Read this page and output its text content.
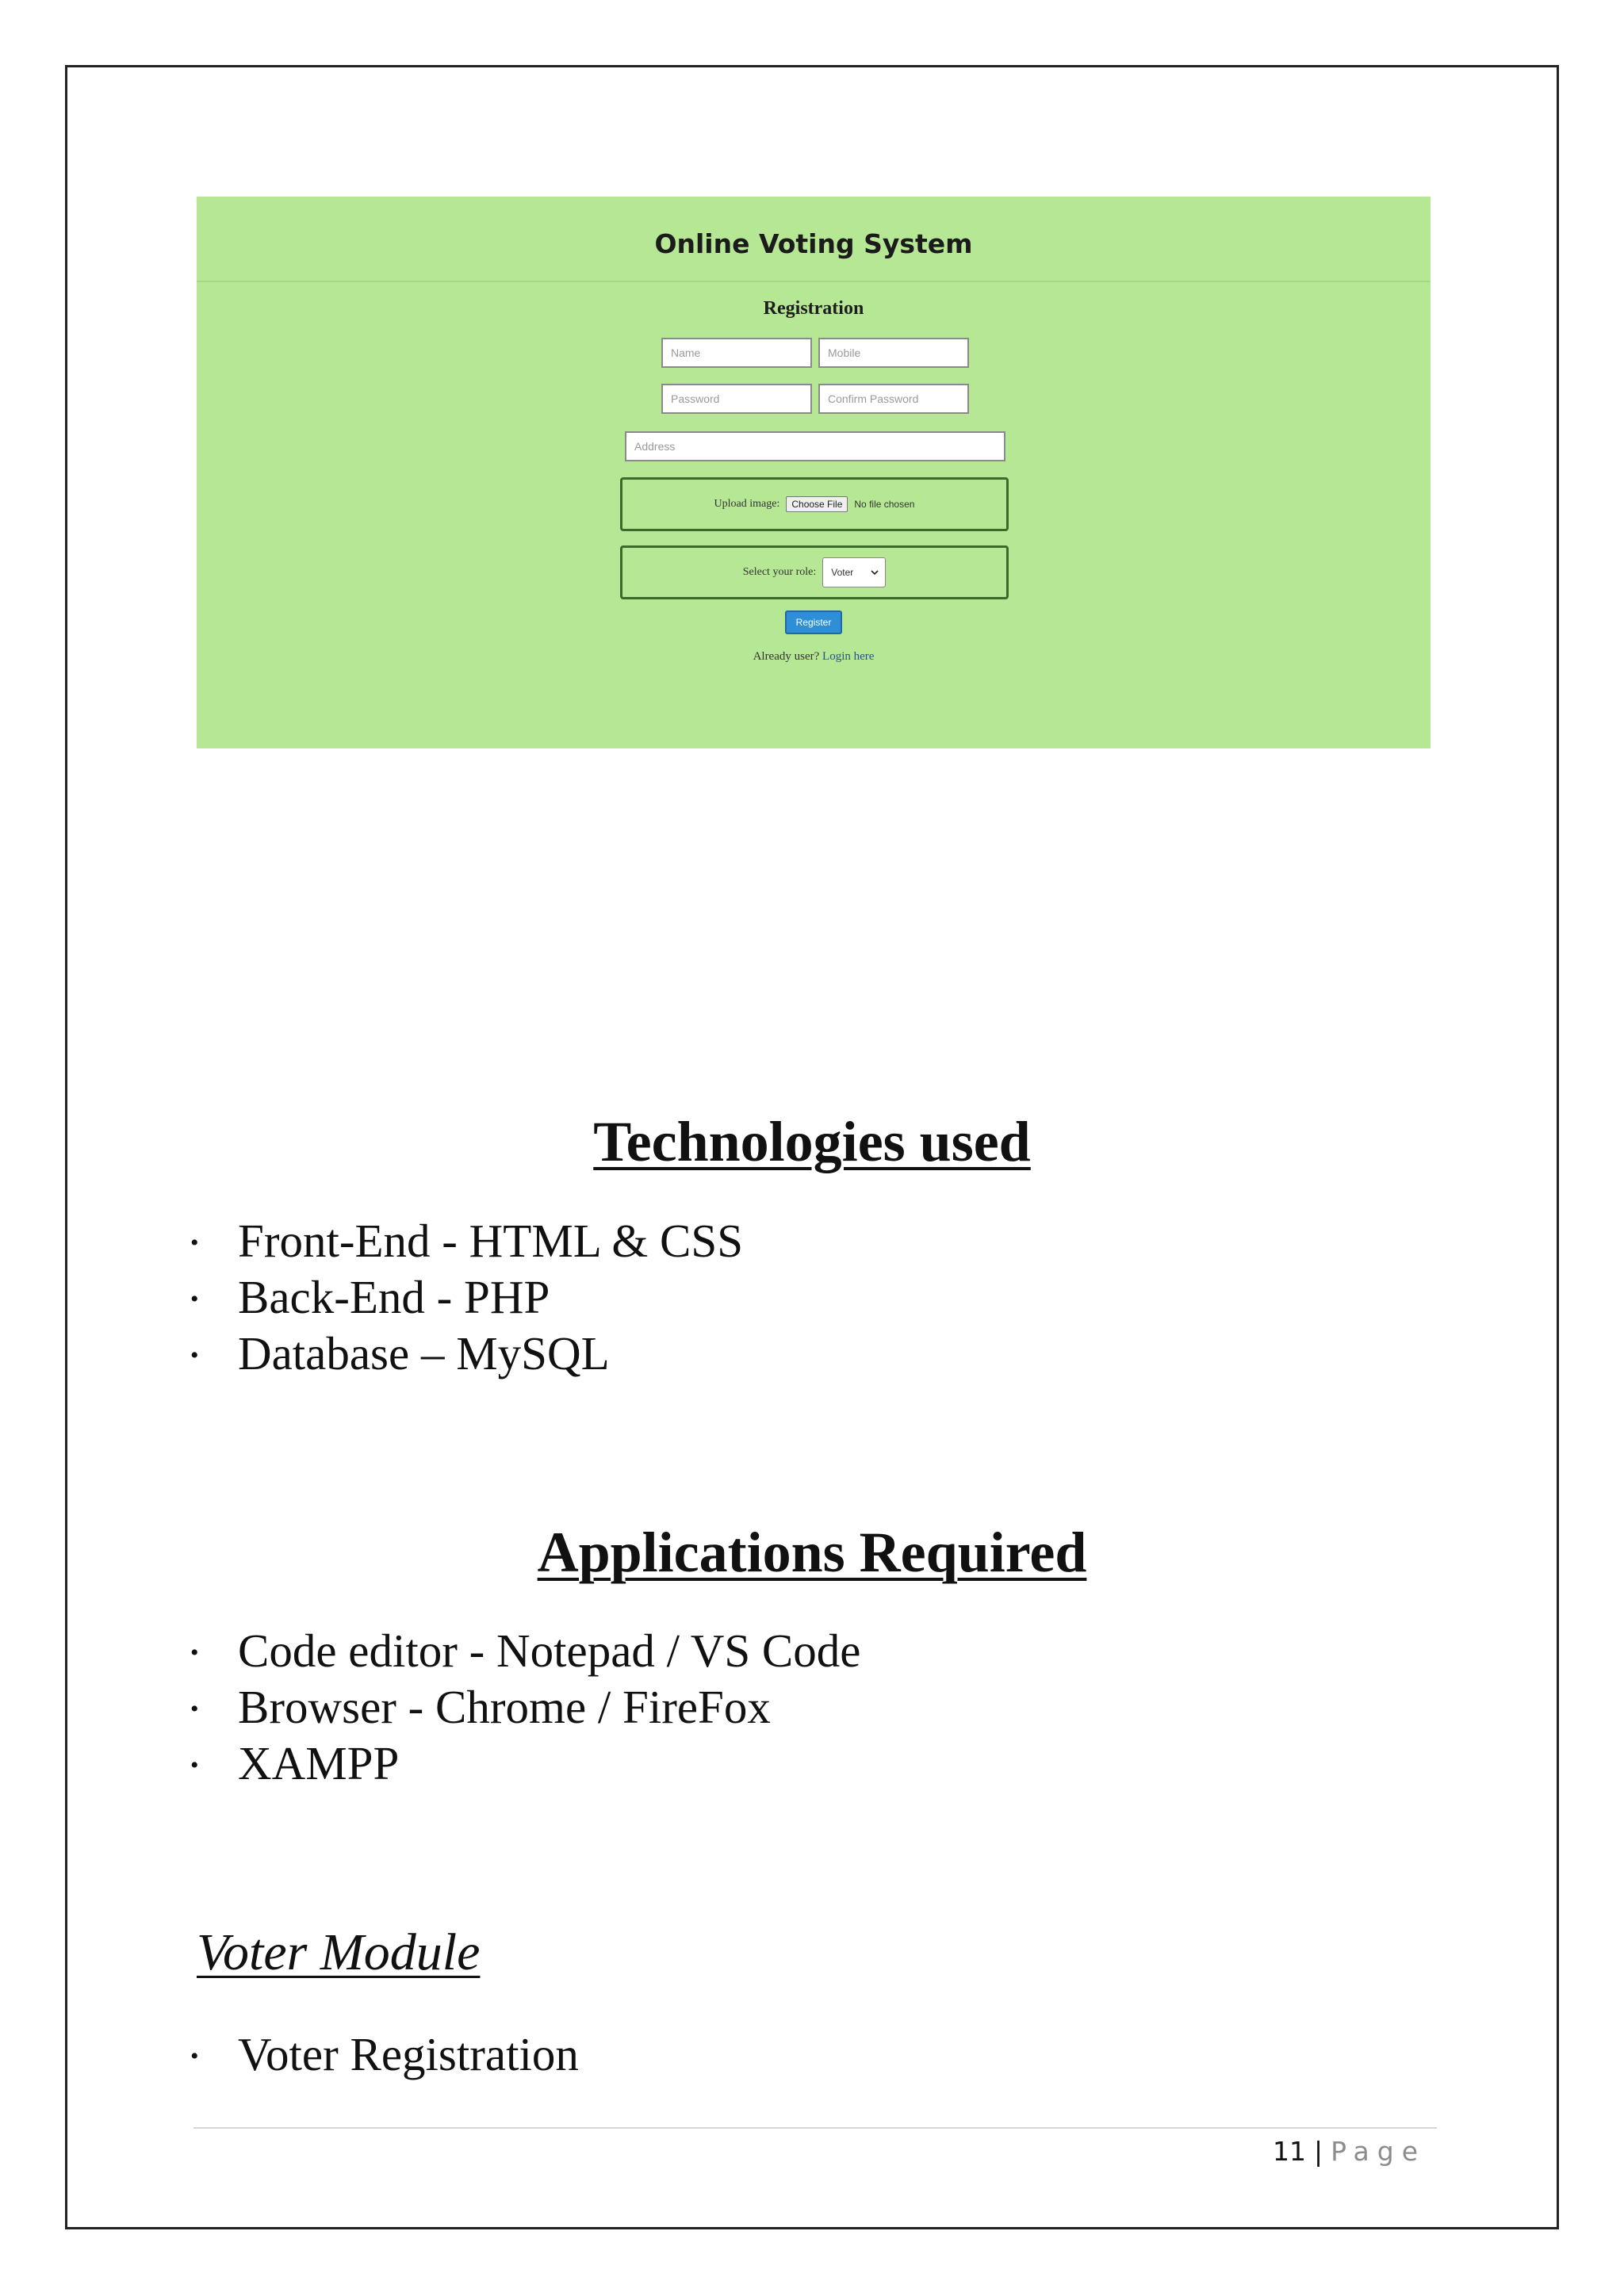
Online Voting System
Registration
Name	Mobile
Password	Confirm Password
Address
Upload image:	Choose File	No file chosen
Select your role: Voter
Register
Already user? Login here
Technologies used
• Front-End - HTML & CSS
• Back-End - PHP
• Database – MySQL
Applications Required
• Code editor - Notepad / VS Code
• Browser - Chrome / FireFox
• XAMPP
Voter Module
• Voter Registration
11 | Page
